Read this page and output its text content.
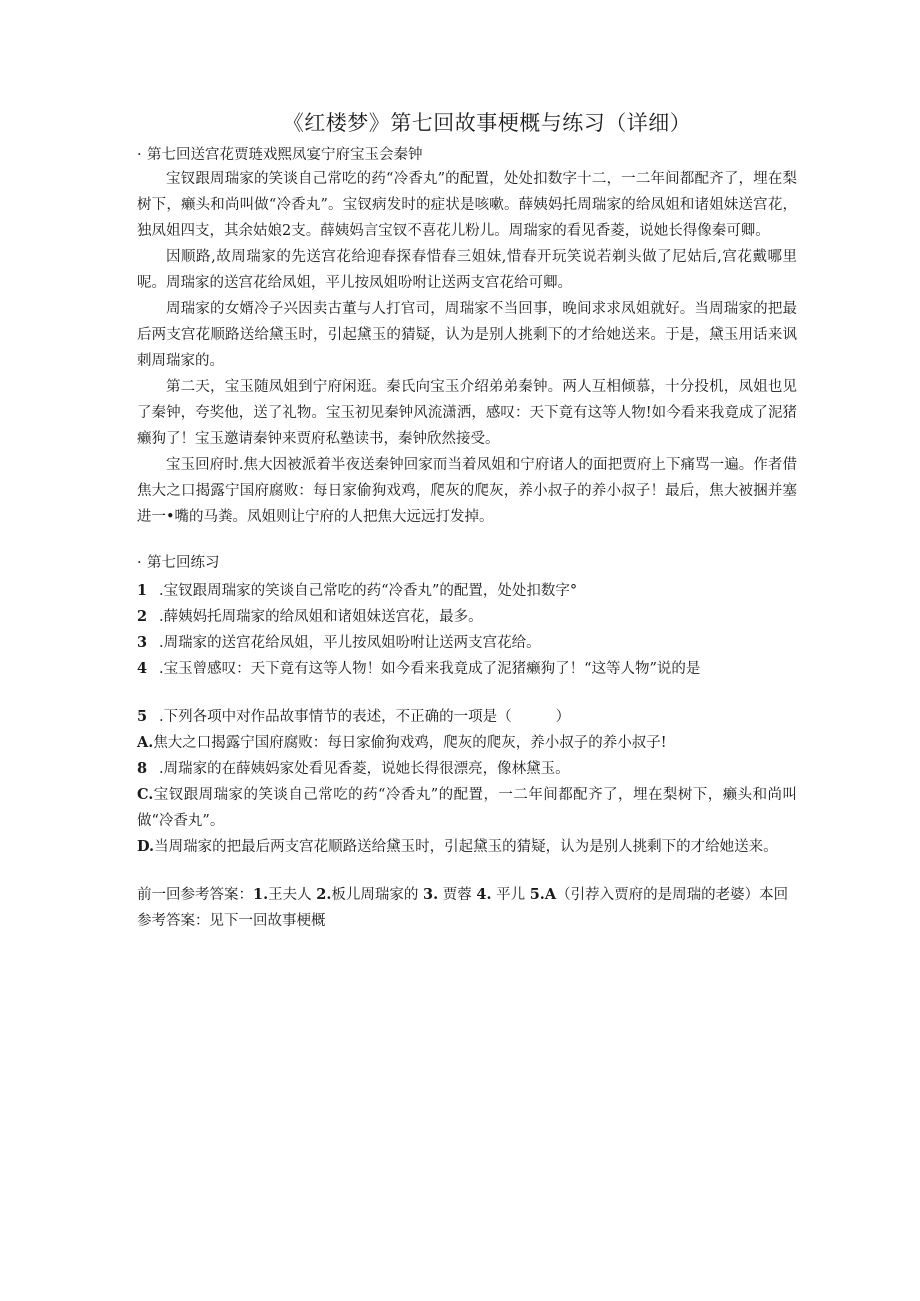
《红楼梦》第七回故事梗概与练习（详细）

· 第七回送宫花贾琏戏熙凤宴宁府宝玉会秦钟

宝钗跟周瑞家的笑谈自己常吃的药“冷香丸”的配置，处处扣数字十二，一二年间都配齐了，埋在梨树下，癞头和尚叫做“冷香丸”。宝钗病发时的症状是咳嗽。薛姨妈托周瑞家的给凤姐和诸姐妹送宫花，独凤姐四支，其余姑娘2支。薛姨妈言宝钗不喜花儿粉儿。周瑞家的看见香菱，说她长得像秦可卿。

因顺路,故周瑞家的先送宫花给迎春探春惜春三姐妹,惜春开玩笑说若剃头做了尼姑后,宫花戴哪里呢。周瑞家的送宫花给凤姐，平儿按凤姐吩咐让送两支宫花给可卿。

周瑞家的女婿冷子兴因卖古董与人打官司，周瑞家不当回事，晚间求求凤姐就好。当周瑞家的把最后两支宫花顺路送给黛玉时，引起黛玉的猜疑，认为是别人挑剩下的才给她送来。于是，黛玉用话来讽刺周瑞家的。

第二天，宝玉随凤姐到宁府闲逛。秦氏向宝玉介绍弟弟秦钟。两人互相倾慕，十分投机，凤姐也见了秦钟，夸奖他，送了礼物。宝玉初见秦钟风流潇洒，感叹：天下竟有这等人物!如今看来我竟成了泥猪癞狗了！宝玉邀请秦钟来贾府私塾读书，秦钟欣然接受。

宝玉回府时.焦大因被派着半夜送秦钟回家而当着凤姐和宁府诸人的面把贾府上下痛骂一遍。作者借焦大之口揭露宁国府腐败：每日家偷狗戏鸡，爬灰的爬灰，养小叔子的养小叔子！最后，焦大被捆并塞进一•嘴的马粪。凤姐则让宁府的人把焦大远远打发掉。

· 第七回练习

1 .宝钗跟周瑞家的笑谈自己常吃的药“冷香丸”的配置，处处扣数字°

2 .薛姨妈托周瑞家的给凤姐和诸姐妹送宫花，最多。

3 .周瑞家的送宫花给凤姐，平儿按凤姐吩咐让送两支宫花给。

4 .宝玉曾感叹：天下竟有这等人物！如今看来我竟成了泥猪癞狗了！“这等人物”说的是

5 .下列各项中对作品故事情节的表述，不正确的一项是（	）

A.焦大之口揭露宁国府腐败：每日家偷狗戏鸡，爬灰的爬灰，养小叔子的养小叔子!

8 .周瑞家的在薛姨妈家处看见香菱，说她长得很漂亮，像林黛玉。

C.宝钗跟周瑞家的笑谈自己常吃的药“冷香丸”的配置，一二年间都配齐了，埋在梨树下，癞头和尚叫做“冷香丸”。

D.当周瑞家的把最后两支宫花顺路送给黛玉时，引起黛玉的猜疑，认为是别人挑剩下的才给她送来。

前一回参考答案：1.王夫人 2.板儿周瑞家的 3. 贾蓉 4. 平儿 5.A（引荐入贾府的是周瑞的老婆）本回参考答案：见下一回故事梗概
